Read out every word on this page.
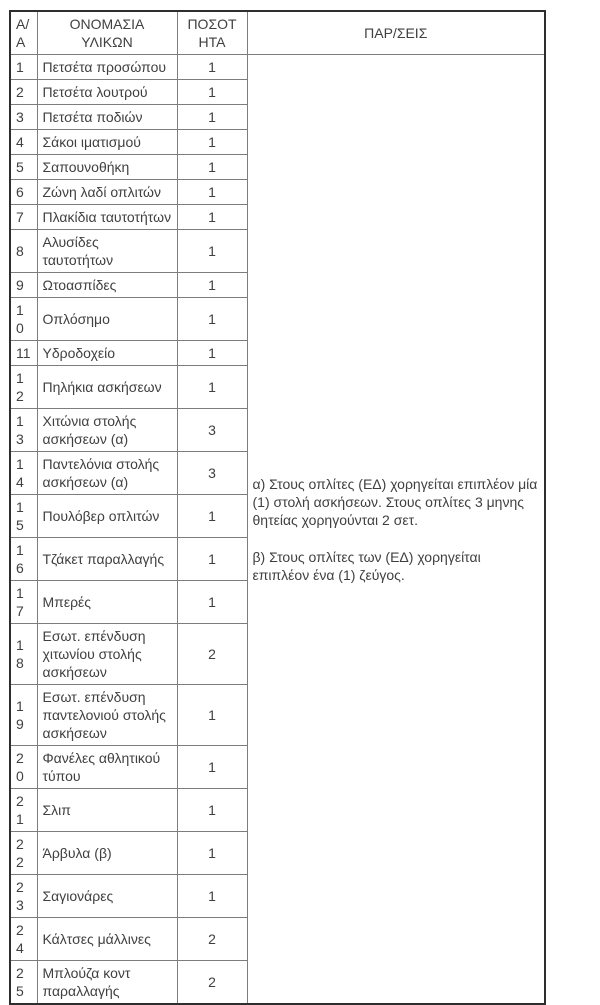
Α/Α	ΟΝΟΜΑΣΙΑ ΥΛΙΚΩΝ	ΠΟΣΟΤΗΤΑ	ΠΑΡ/ΣΕΙΣ
1	Πετσέτα προσώπου	1	α) Στους οπλίτες (ΕΔ) χορηγείται επιπλέον μία (1) στολή ασκήσεων. Στους οπλίτες 3 μηνης θητείας χορηγούνται 2 σετ.

β) Στους οπλίτες των (ΕΔ) χορηγείται επιπλέον ένα (1) ζεύγος.

2	Πετσέτα λουτρού	1	
3	Πετσέτα ποδιών	1	
4	Σάκοι ιματισμού	1	
5	Σαπουνοθήκη	1	
6	Ζώνη λαδί οπλιτών	1	
7	Πλακίδια ταυτοτήτων	1	
8	Αλυσίδες ταυτοτήτων	1	
9	Ωτοασπίδες	1	
10	Οπλόσημο	1	
11	Υδροδοχείο	1	
12	Πηλήκια ασκήσεων	1	
13	Χιτώνια στολής ασκήσεων (α)	3	
14	Παντελόνια στολής ασκήσεων (α)	3	
15	Πουλόβερ οπλιτών	1	
16	Τζάκετ παραλλαγής	1	
17	Μπερές	1	
18	Εσωτ. επένδυση χιτωνίου στολής ασκήσεων	2	
19	Εσωτ. επένδυση παντελονιού στολής ασκήσεων	1	
20	Φανέλες αθλητικού τύπου	1	
21	Σλιπ	1	
22	Άρβυλα (β)	1	
23	Σαγιονάρες	1	
24	Κάλτσες μάλλινες	2	
25	Μπλούζα κοντ παραλλαγής	2	
